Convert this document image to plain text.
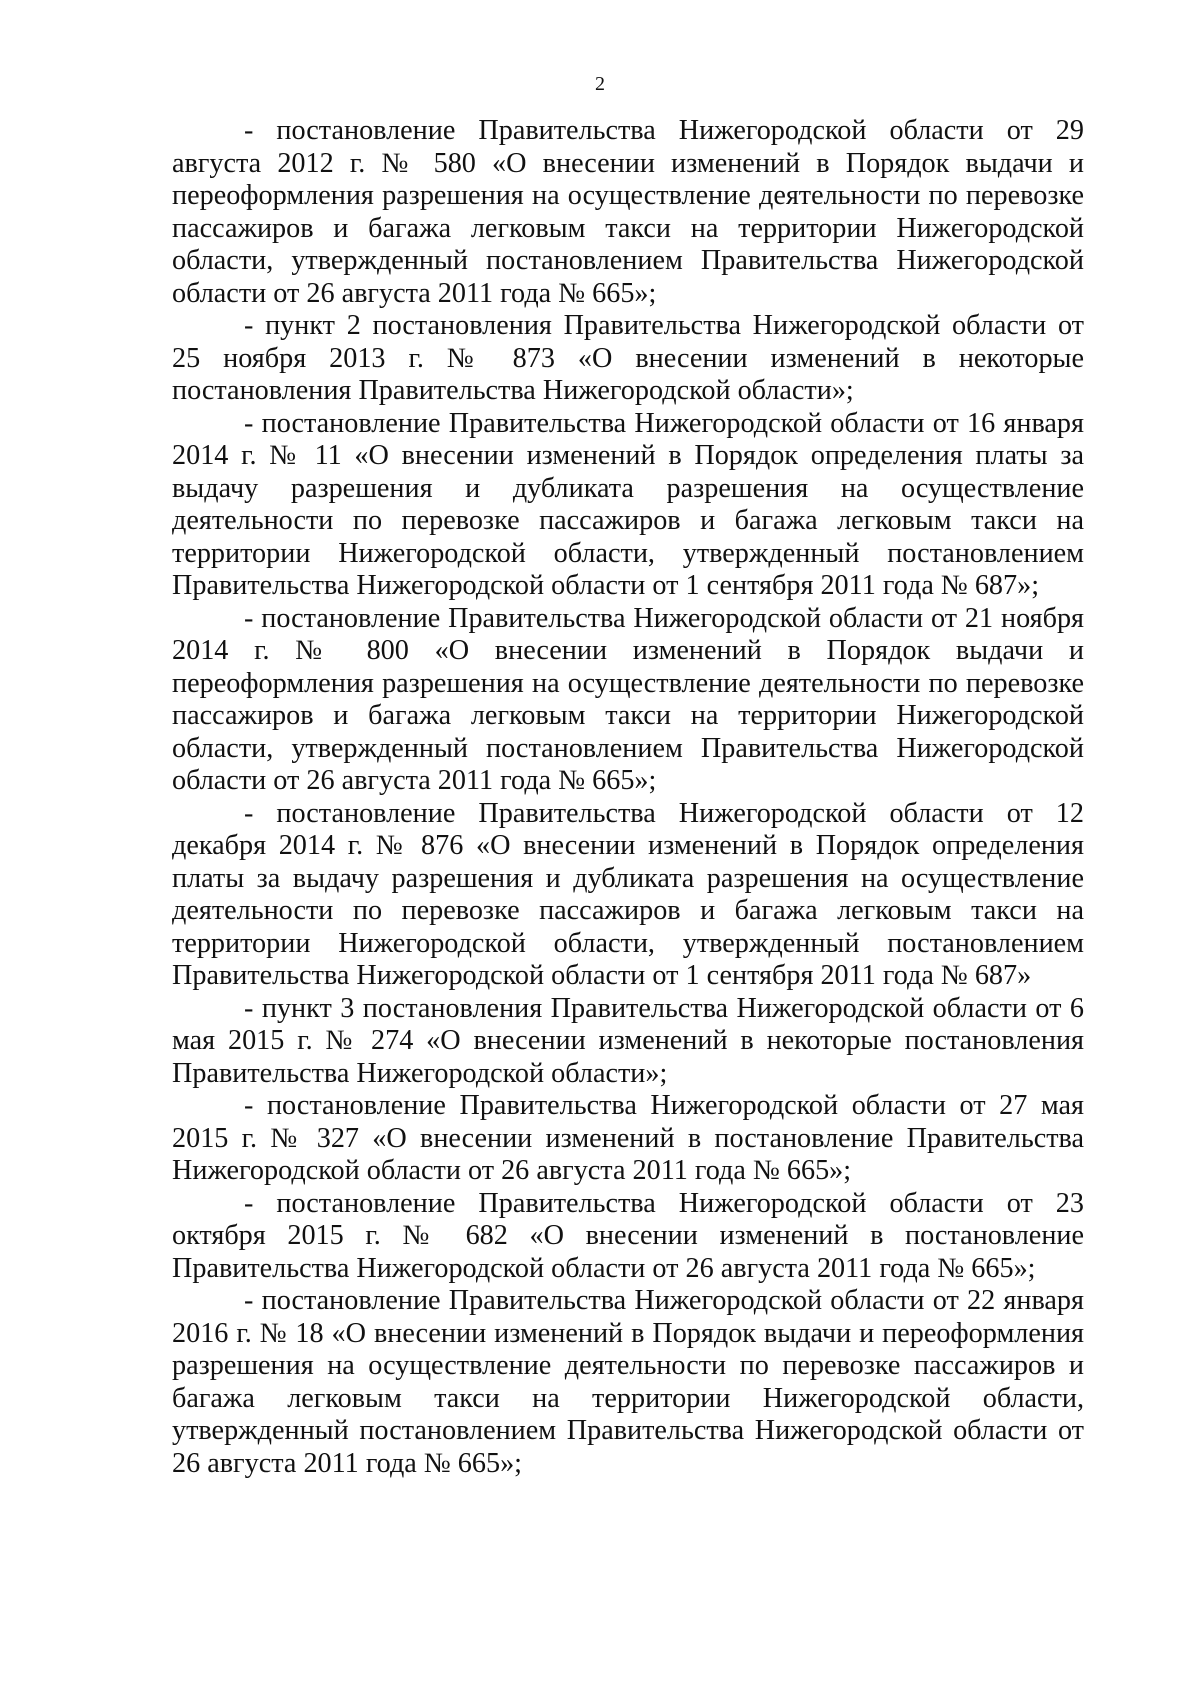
2

- постановление Правительства Нижегородской области от 29 августа 2012 г. № 580 «О внесении изменений в Порядок выдачи и переоформления разрешения на осуществление деятельности по перевозке пассажиров и багажа легковым такси на территории Нижегородской области, утвержденный постановлением Правительства Нижегородской области от 26 августа 2011 года № 665»;

- пункт 2 постановления Правительства Нижегородской области от 25 ноября 2013 г. № 873 «О внесении изменений в некоторые постановления Правительства Нижегородской области»;

- постановление Правительства Нижегородской области от 16 января 2014 г. № 11 «О внесении изменений в Порядок определения платы за выдачу разрешения и дубликата разрешения на осуществление деятельности по перевозке пассажиров и багажа легковым такси на территории Нижегородской области, утвержденный постановлением Правительства Нижегородской области от 1 сентября 2011 года № 687»;

- постановление Правительства Нижегородской области от 21 ноября 2014 г. № 800 «О внесении изменений в Порядок выдачи и переоформления разрешения на осуществление деятельности по перевозке пассажиров и багажа легковым такси на территории Нижегородской области, утвержденный постановлением Правительства Нижегородской области от 26 августа 2011 года № 665»;

- постановление Правительства Нижегородской области от 12 декабря 2014 г. № 876 «О внесении изменений в Порядок определения платы за выдачу разрешения и дубликата разрешения на осуществление деятельности по перевозке пассажиров и багажа легковым такси на территории Нижегородской области, утвержденный постановлением Правительства Нижегородской области от 1 сентября 2011 года № 687»

- пункт 3 постановления Правительства Нижегородской области от 6 мая 2015 г. № 274 «О внесении изменений в некоторые постановления Правительства Нижегородской области»;

- постановление Правительства Нижегородской области от 27 мая 2015 г. № 327 «О внесении изменений в постановление Правительства Нижегородской области от 26 августа 2011 года № 665»;

- постановление Правительства Нижегородской области от 23 октября 2015 г. № 682 «О внесении изменений в постановление Правительства Нижегородской области от 26 августа 2011 года № 665»;

- постановление Правительства Нижегородской области от 22 января 2016 г. № 18 «О внесении изменений в Порядок выдачи и переоформления разрешения на осуществление деятельности по перевозке пассажиров и багажа легковым такси на территории Нижегородской области, утвержденный постановлением Правительства Нижегородской области от 26 августа 2011 года № 665»;
